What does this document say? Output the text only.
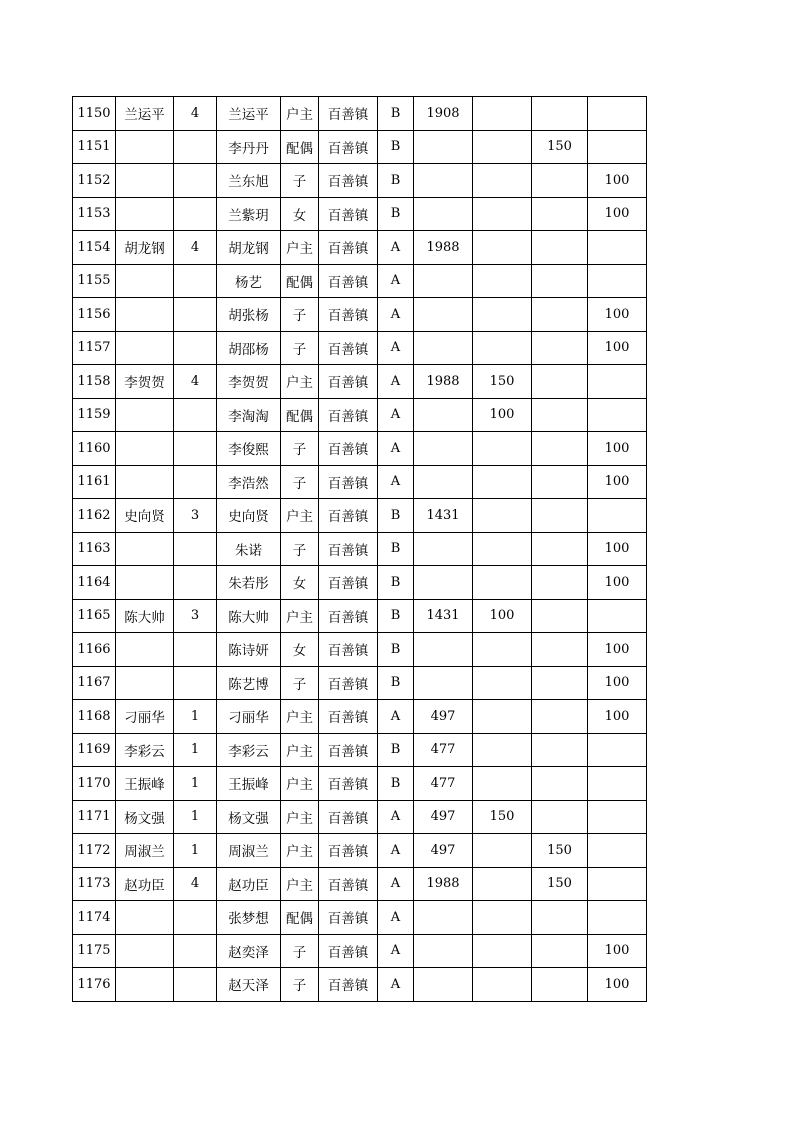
1150	兰运平	4	兰运平	户主	百善镇	B	1908			
1151			李丹丹	配偶	百善镇	B			150	
1152			兰东旭	子	百善镇	B				100
1153			兰紫玥	女	百善镇	B				100
1154	胡龙钢	4	胡龙钢	户主	百善镇	A	1988			
1155			杨艺	配偶	百善镇	A				
1156			胡张杨	子	百善镇	A				100
1157			胡邵杨	子	百善镇	A				100
1158	李贺贺	4	李贺贺	户主	百善镇	A	1988	150		
1159			李淘淘	配偶	百善镇	A		100		
1160			李俊熙	子	百善镇	A				100
1161			李浩然	子	百善镇	A				100
1162	史向贤	3	史向贤	户主	百善镇	B	1431			
1163			朱诺	子	百善镇	B				100
1164			朱若彤	女	百善镇	B				100
1165	陈大帅	3	陈大帅	户主	百善镇	B	1431	100		
1166			陈诗妍	女	百善镇	B				100
1167			陈艺博	子	百善镇	B				100
1168	刁丽华	1	刁丽华	户主	百善镇	A	497			100
1169	李彩云	1	李彩云	户主	百善镇	B	477			
1170	王振峰	1	王振峰	户主	百善镇	B	477			
1171	杨文强	1	杨文强	户主	百善镇	A	497	150		
1172	周淑兰	1	周淑兰	户主	百善镇	A	497		150	
1173	赵功臣	4	赵功臣	户主	百善镇	A	1988		150	
1174			张梦想	配偶	百善镇	A				
1175			赵奕泽	子	百善镇	A				100
1176			赵天泽	子	百善镇	A				100
